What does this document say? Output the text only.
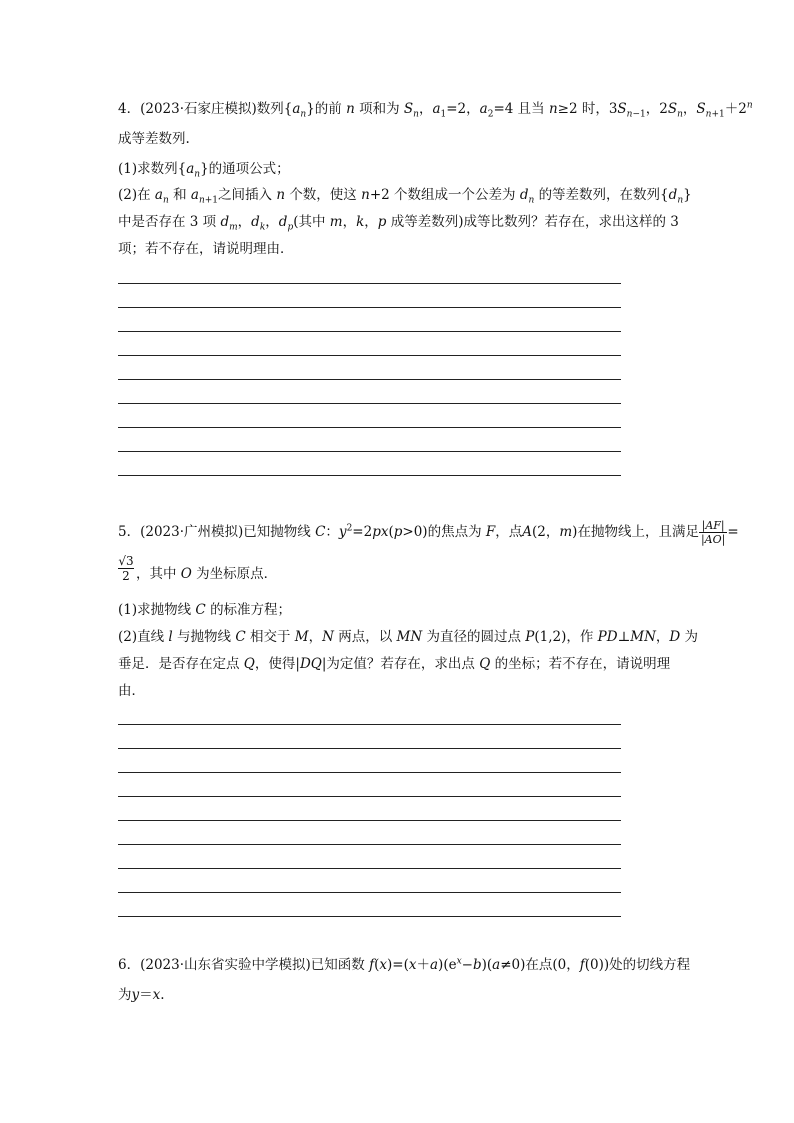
4．(2023·石家庄模拟)数列$\{a_n\}$的前 n 项和为 $S_n$，$a_1=2$，$a_2=4$ 且当 n≥2 时，$3S_{n-1}$，$2S_n$，$S_{n+1}+2^n$
成等差数列.
(1)求数列$\{a_n\}$的通项公式；
(2)在 $a_n$ 和 $a_{n+1}$之间插入 n 个数，使这 n+2 个数组成一个公差为 $d_n$ 的等差数列，在数列$\{d_n\}$
中是否存在 3 项 $d_m$，$d_k$，$d_p$(其中 m，k，p 成等差数列)成等比数列？若存在，求出这样的 3
项；若不存在，请说明理由．
5．(2023·广州模拟)已知抛物线 C：$y^2=2px(p>0)$的焦点为 F，点A(2，m)在抛物线上，且满足 $\frac{|AF|}{|AO|}$ =
√3
2 ，其中 O 为坐标原点．
(1)求抛物线 C 的标准方程；
(2)直线 l 与抛物线 C 相交于 M，N 两点，以 MN 为直径的圆过点 P(1,2)，作 PD⊥MN，D 为
垂足．是否存在定点 Q，使得|DQ|为定值？若存在，求出点 Q 的坐标；若不存在，请说明理
由．
6．(2023·山东省实验中学模拟)已知函数 $f(x)=(x+a)(e^x-b)(a\ne 0)$在点(0，f(0))处的切线方程
为y＝x.
